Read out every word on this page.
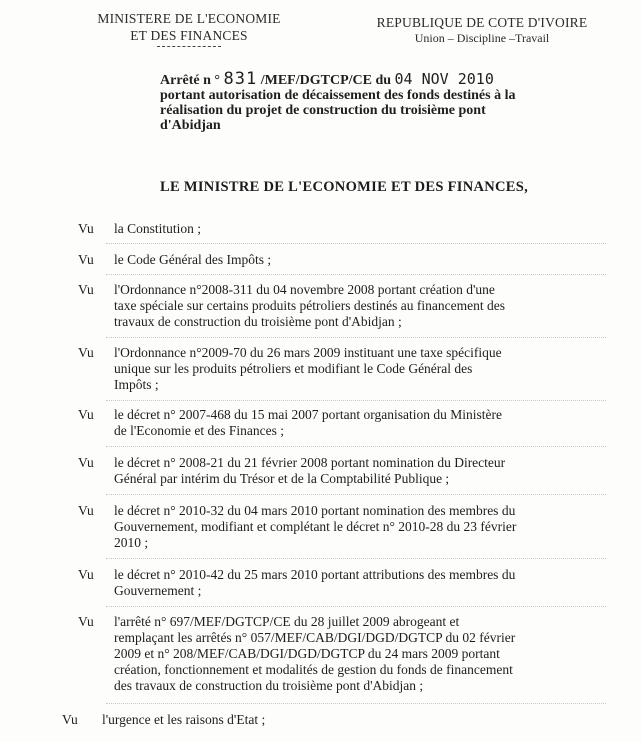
MINISTERE DE L'ECONOMIE
ET DES FINANCES
REPUBLIQUE DE COTE D'IVOIRE
Union – Discipline –Travail
Arrêté n ° 831 /MEF/DGTCP/CE du 04 NOV 2010
portant autorisation de décaissement des fonds destinés à la
réalisation du projet de construction du troisième pont
d'Abidjan
LE MINISTRE DE L'ECONOMIE ET DES FINANCES,
Vu la Constitution ;
Vu le Code Général des Impôts ;
Vu l'Ordonnance n°2008-311 du 04 novembre 2008 portant création d'une
taxe spéciale sur certains produits pétroliers destinés au financement des
travaux de construction du troisième pont d'Abidjan ;
Vu l'Ordonnance n°2009-70 du 26 mars 2009 instituant une taxe spécifique
unique sur les produits pétroliers et modifiant le Code Général des
Impôts ;
Vu le décret n° 2007-468 du 15 mai 2007 portant organisation du Ministère
de l'Economie et des Finances ;
Vu le décret n° 2008-21 du 21 février 2008 portant nomination du Directeur
Général par intérim du Trésor et de la Comptabilité Publique ;
Vu le décret n° 2010-32 du 04 mars 2010 portant nomination des membres du
Gouvernement, modifiant et complétant le décret n° 2010-28 du 23 février
2010 ;
Vu le décret n° 2010-42 du 25 mars 2010 portant attributions des membres du
Gouvernement ;
Vu l'arrêté n° 697/MEF/DGTCP/CE du 28 juillet 2009 abrogeant et
remplaçant les arrêtés n° 057/MEF/CAB/DGI/DGD/DGTCP du 02 février
2009 et n° 208/MEF/CAB/DGI/DGD/DGTCP du 24 mars 2009 portant
création, fonctionnement et modalités de gestion du fonds de financement
des travaux de construction du troisième pont d'Abidjan ;
Vu l'urgence et les raisons d'Etat ;
